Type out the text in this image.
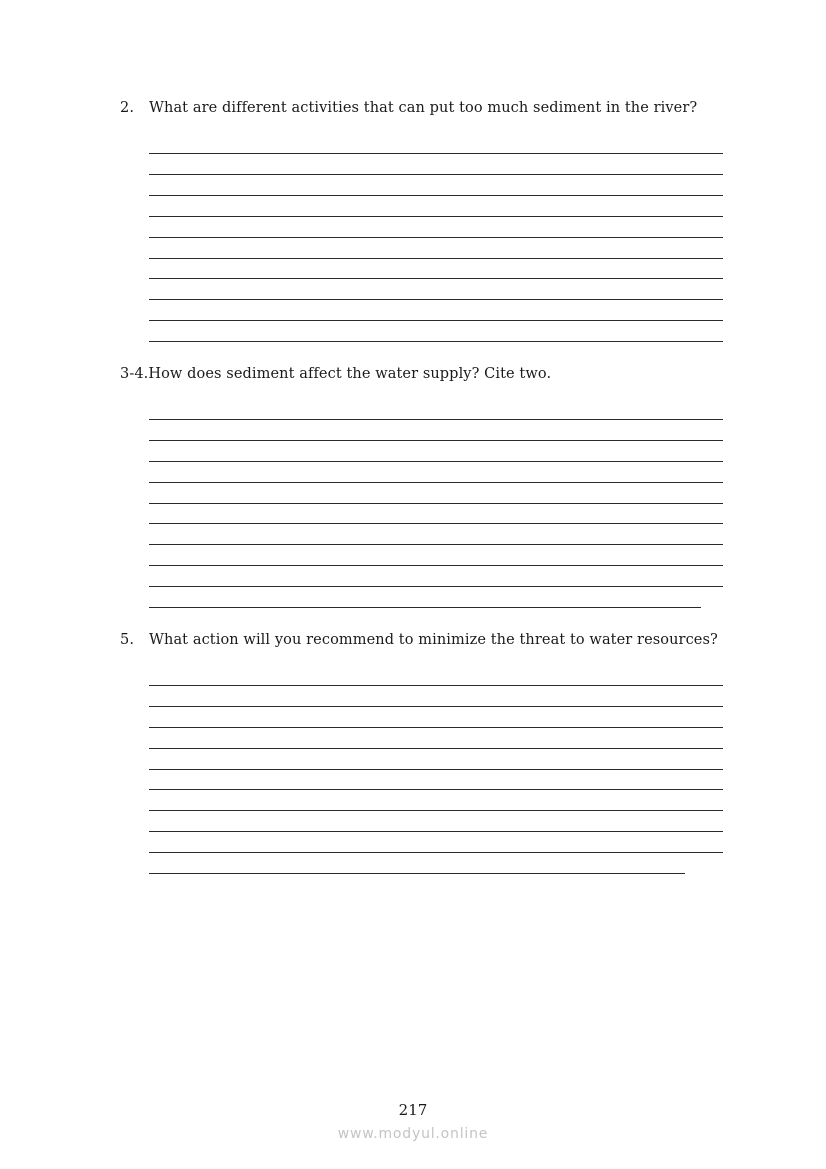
2. What are different activities that can put too much sediment in the river?
3-4.How does sediment affect the water supply? Cite two.
5. What action will you recommend to minimize the threat to water resources?
217
www.modyul.online
